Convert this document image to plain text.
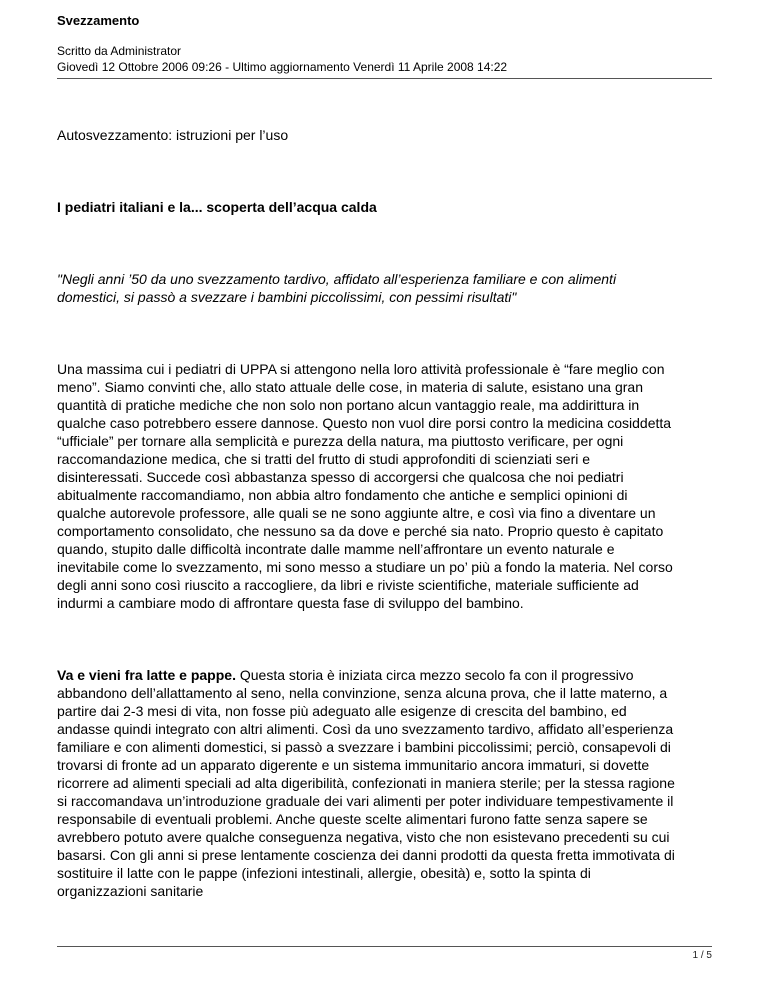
Svezzamento
Scritto da Administrator
Giovedì 12 Ottobre 2006 09:26 - Ultimo aggiornamento Venerdì 11 Aprile 2008 14:22
Autosvezzamento: istruzioni per l’uso
I pediatri italiani e la... scoperta dell’acqua calda
"Negli anni ’50 da uno svezzamento tardivo, affidato all’esperienza familiare e con alimenti domestici, si passò a svezzare i bambini piccolissimi, con pessimi risultati"
Una massima cui i pediatri di UPPA si attengono nella loro attività professionale è “fare meglio con meno”. Siamo convinti che, allo stato attuale delle cose, in materia di salute, esistano una gran quantità di pratiche mediche che non solo non portano alcun vantaggio reale, ma addirittura in qualche caso potrebbero essere dannose. Questo non vuol dire porsi contro la medicina cosiddetta “ufficiale” per tornare alla semplicità e purezza della natura, ma piuttosto verificare, per ogni raccomandazione medica, che si tratti del frutto di studi approfonditi di scienziati seri e disinteressati. Succede così abbastanza spesso di accorgersi che qualcosa che noi pediatri abitualmente raccomandiamo, non abbia altro fondamento che antiche e semplici opinioni di qualche autorevole professore, alle quali se ne sono aggiunte altre, e così via fino a diventare un comportamento consolidato, che nessuno sa da dove e perché sia nato. Proprio questo è capitato quando, stupito dalle difficoltà incontrate dalle mamme nell’affrontare un evento naturale e inevitabile come lo svezzamento, mi sono messo a studiare un po’ più a fondo la materia. Nel corso degli anni sono così riuscito a raccogliere, da libri e riviste scientifiche, materiale sufficiente ad indurmi a cambiare modo di affrontare questa fase di sviluppo del bambino.
Va e vieni fra latte e pappe. Questa storia è iniziata circa mezzo secolo fa con il progressivo abbandono dell’allattamento al seno, nella convinzione, senza alcuna prova, che il latte materno, a partire dai 2-3 mesi di vita, non fosse più adeguato alle esigenze di crescita del bambino, ed andasse quindi integrato con altri alimenti. Così da uno svezzamento tardivo, affidato all’esperienza familiare e con alimenti domestici, si passò a svezzare i bambini piccolissimi; perciò, consapevoli di trovarsi di fronte ad un apparato digerente e un sistema immunitario ancora immaturi, si dovette ricorrere ad alimenti speciali ad alta digeribilità, confezionati in maniera sterile; per la stessa ragione si raccomandava un’introduzione graduale dei vari alimenti per poter individuare tempestivamente il responsabile di eventuali problemi. Anche queste scelte alimentari furono fatte senza sapere se avrebbero potuto avere qualche conseguenza negativa, visto che non esistevano precedenti su cui basarsi. Con gli anni si prese lentamente coscienza dei danni prodotti da questa fretta immotivata di sostituire il latte con le pappe (infezioni intestinali, allergie, obesità) e, sotto la spinta di organizzazioni sanitarie
1 / 5
